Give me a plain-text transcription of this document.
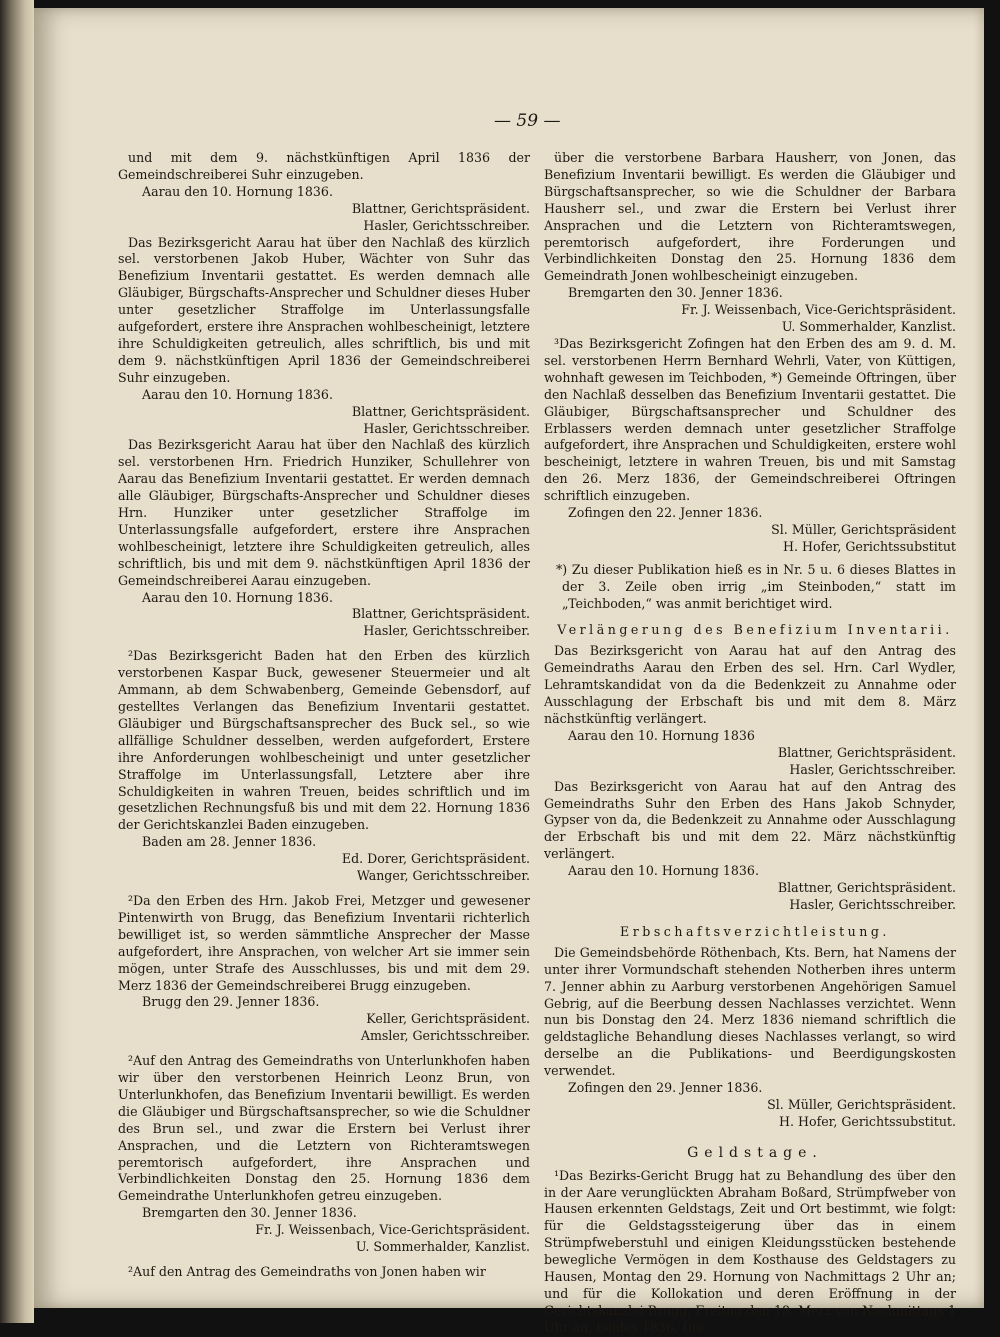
— 59 —

und mit dem 9. nächstkünftigen April 1836 der Gemeindschreiberei Suhr einzugeben.

Aarau den 10. Hornung 1836.

Blattner, Gerichtspräsident.

Hasler, Gerichtsschreiber.

Das Bezirksgericht Aarau hat über den Nachlaß des kürzlich sel. verstorbenen Jakob Huber, Wächter von Suhr das Benefizium Inventarii gestattet. Es werden demnach alle Gläubiger, Bürgschafts-Ansprecher und Schuldner dieses Huber unter gesetzlicher Straffolge im Unterlassungsfalle aufgefordert, erstere ihre Ansprachen wohlbescheinigt, letztere ihre Schuldigkeiten getreulich, alles schriftlich, bis und mit dem 9. nächstkünftigen April 1836 der Gemeindschreiberei Suhr einzugeben.

Aarau den 10. Hornung 1836.

Blattner, Gerichtspräsident.

Hasler, Gerichtsschreiber.

Das Bezirksgericht Aarau hat über den Nachlaß des kürzlich sel. verstorbenen Hrn. Friedrich Hunziker, Schullehrer von Aarau das Benefizium Inventarii gestattet. Er werden demnach alle Gläubiger, Bürgschafts-Ansprecher und Schuldner dieses Hrn. Hunziker unter gesetzlicher Straffolge im Unterlassungsfalle aufgefordert, erstere ihre Ansprachen wohlbescheinigt, letztere ihre Schuldigkeiten getreulich, alles schriftlich, bis und mit dem 9. nächstkünftigen April 1836 der Gemeindschreiberei Aarau einzugeben.

Aarau den 10. Hornung 1836.

Blattner, Gerichtspräsident.

Hasler, Gerichtsschreiber.

²Das Bezirksgericht Baden hat den Erben des kürzlich verstorbenen Kaspar Buck, gewesener Steuermeier und alt Ammann, ab dem Schwabenberg, Gemeinde Gebensdorf, auf gestelltes Verlangen das Benefizium Inventarii gestattet. Gläubiger und Bürgschaftsansprecher des Buck sel., so wie allfällige Schuldner desselben, werden aufgefordert, Erstere ihre Anforderungen wohlbescheinigt und unter gesetzlicher Straffolge im Unterlassungsfall, Letztere aber ihre Schuldigkeiten in wahren Treuen, beides schriftlich und im gesetzlichen Rechnungsfuß bis und mit dem 22. Hornung 1836 der Gerichtskanzlei Baden einzugeben.

Baden am 28. Jenner 1836.

Ed. Dorer, Gerichtspräsident.

Wanger, Gerichtsschreiber.

²Da den Erben des Hrn. Jakob Frei, Metzger und gewesener Pintenwirth von Brugg, das Benefizium Inventarii richterlich bewilliget ist, so werden sämmtliche Ansprecher der Masse aufgefordert, ihre Ansprachen, von welcher Art sie immer sein mögen, unter Strafe des Ausschlusses, bis und mit dem 29. Merz 1836 der Gemeindschreiberei Brugg einzugeben.

Brugg den 29. Jenner 1836.

Keller, Gerichtspräsident.

Amsler, Gerichtsschreiber.

²Auf den Antrag des Gemeindraths von Unterlunkhofen haben wir über den verstorbenen Heinrich Leonz Brun, von Unterlunkhofen, das Benefizium Inventarii bewilligt. Es werden die Gläubiger und Bürgschaftsansprecher, so wie die Schuldner des Brun sel., und zwar die Erstern bei Verlust ihrer Ansprachen, und die Letztern von Richteramtswegen peremtorisch aufgefordert, ihre Ansprachen und Verbindlichkeiten Donstag den 25. Hornung 1836 dem Gemeindrathe Unterlunkhofen getreu einzugeben.

Bremgarten den 30. Jenner 1836.

Fr. J. Weissenbach, Vice-Gerichtspräsident.

U. Sommerhalder, Kanzlist.

²Auf den Antrag des Gemeindraths von Jonen haben wir

über die verstorbene Barbara Hausherr, von Jonen, das Benefizium Inventarii bewilligt. Es werden die Gläubiger und Bürgschaftsansprecher, so wie die Schuldner der Barbara Hausherr sel., und zwar die Erstern bei Verlust ihrer Ansprachen und die Letztern von Richteramtswegen, peremtorisch aufgefordert, ihre Forderungen und Verbindlichkeiten Donstag den 25. Hornung 1836 dem Gemeindrath Jonen wohlbescheinigt einzugeben.

Bremgarten den 30. Jenner 1836.

Fr. J. Weissenbach, Vice-Gerichtspräsident.

U. Sommerhalder, Kanzlist.

³Das Bezirksgericht Zofingen hat den Erben des am 9. d. M. sel. verstorbenen Herrn Bernhard Wehrli, Vater, von Küttigen, wohnhaft gewesen im Teichboden, *) Gemeinde Oftringen, über den Nachlaß desselben das Benefizium Inventarii gestattet. Die Gläubiger, Bürgschaftsansprecher und Schuldner des Erblassers werden demnach unter gesetzlicher Straffolge aufgefordert, ihre Ansprachen und Schuldigkeiten, erstere wohl bescheinigt, letztere in wahren Treuen, bis und mit Samstag den 26. Merz 1836, der Gemeindschreiberei Oftringen schriftlich einzugeben.

Zofingen den 22. Jenner 1836.

Sl. Müller, Gerichtspräsident

H. Hofer, Gerichtssubstitut

*) Zu dieser Publikation hieß es in Nr. 5 u. 6 dieses Blattes in der 3. Zeile oben irrig „im Steinboden,“ statt im „Teichboden,“ was anmit berichtiget wird.

Verlängerung des Benefizium Inventarii.

Das Bezirksgericht von Aarau hat auf den Antrag des Gemeindraths Aarau den Erben des sel. Hrn. Carl Wydler, Lehramtskandidat von da die Bedenkzeit zu Annahme oder Ausschlagung der Erbschaft bis und mit dem 8. März nächstkünftig verlängert.

Aarau den 10. Hornung 1836

Blattner, Gerichtspräsident.

Hasler, Gerichtsschreiber.

Das Bezirksgericht von Aarau hat auf den Antrag des Gemeindraths Suhr den Erben des Hans Jakob Schnyder, Gypser von da, die Bedenkzeit zu Annahme oder Ausschlagung der Erbschaft bis und mit dem 22. März nächstkünftig verlängert.

Aarau den 10. Hornung 1836.

Blattner, Gerichtspräsident.

Hasler, Gerichtsschreiber.

Erbschaftsverzichtleistung.

Die Gemeindsbehörde Röthenbach, Kts. Bern, hat Namens der unter ihrer Vormundschaft stehenden Notherben ihres unterm 7. Jenner abhin zu Aarburg verstorbenen Angehörigen Samuel Gebrig, auf die Beerbung dessen Nachlasses verzichtet. Wenn nun bis Donstag den 24. Merz 1836 niemand schriftlich die geldstagliche Behandlung dieses Nachlasses verlangt, so wird derselbe an die Publikations- und Beerdigungskosten verwendet.

Zofingen den 29. Jenner 1836.

Sl. Müller, Gerichtspräsident.

H. Hofer, Gerichtssubstitut.

Geldstage.

¹Das Bezirks-Gericht Brugg hat zu Behandlung des über den in der Aare verunglückten Abraham Boßard, Strümpfweber von Hausen erkennten Geldstags, Zeit und Ort bestimmt, wie folgt: für die Geldstagssteigerung über das in einem Strümpfweberstuhl und einigen Kleidungsstücken bestehende bewegliche Vermögen in dem Kosthause des Geldstagers zu Hausen, Montag den 29. Hornung von Nachmittags 2 Uhr an; und für die Kollokation und deren Eröffnung in der Gerichtskanzlei Brugg, Freitag den 18. Merz von Nachmittags 1 Uhr an, beides 1836. Die
